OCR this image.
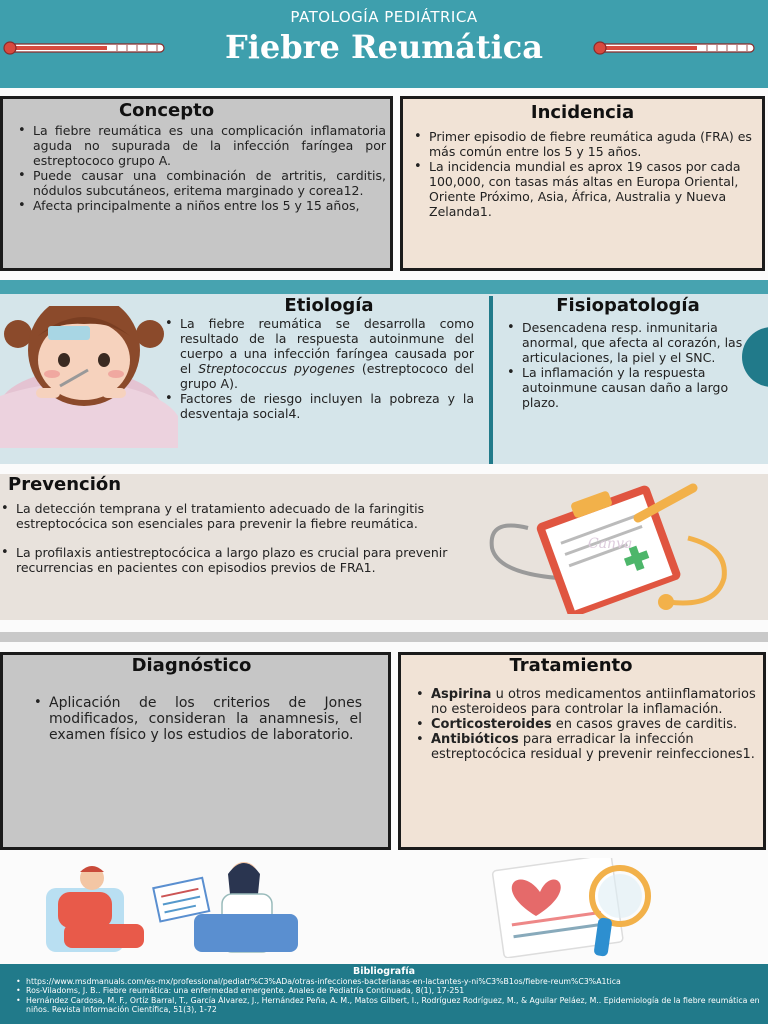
PATOLOGÍA PEDIÁTRICA
Fiebre Reumática
Concepto
• La fiebre reumática es una complicación inflamatoria aguda no supurada de la infección faríngea por estreptococo grupo A.
• Puede causar una combinación de artritis, carditis, nódulos subcutáneos, eritema marginado y corea12.
• Afecta principalmente a niños entre los 5 y 15 años,
Incidencia
• Primer episodio de fiebre reumática aguda (FRA) es más común entre los 5 y 15 años.
• La incidencia mundial es aprox 19 casos por cada 100,000, con tasas más altas en Europa Oriental, Oriente Próximo, Asia, África, Australia y Nueva Zelanda1.
Etiología
• La fiebre reumática se desarrolla como resultado de la respuesta autoinmune del cuerpo a una infección faríngea causada por el Streptococcus pyogenes (estreptococo del grupo A).
• Factores de riesgo incluyen la pobreza y la desventaja social4.
Fisiopatología
• Desencadena resp. inmunitaria anormal, que afecta al corazón, las articulaciones, la piel y el SNC.
• La inflamación y la respuesta autoinmune causan daño a largo plazo.
Prevención
• La detección temprana y el tratamiento adecuado de la faringitis estreptocócica son esenciales para prevenir la fiebre reumática.
• La profilaxis antiestreptocócica a largo plazo es crucial para prevenir recurrencias en pacientes con episodios previos de FRA1.
Canva
Diagnóstico
• Aplicación de los criterios de Jones modificados, consideran la anamnesis, el examen físico y los estudios de laboratorio.
Tratamiento
• Aspirina u otros medicamentos antiinflamatorios no esteroideos para controlar la inflamación.
• Corticosteroides en casos graves de carditis.
• Antibióticos para erradicar la infección estreptocócica residual y prevenir reinfecciones1.
Bibliografía
• https://www.msdmanuals.com/es-mx/professional/pediatr%C3%ADa/otras-infecciones-bacterianas-en-lactantes-y-ni%C3%B1os/fiebre-reum%C3%A1tica
• Ros-Viladoms, J. B.. Fiebre reumática: una enfermedad emergente. Anales de Pediatría Continuada, 8(1), 17-251
• Hernández Cardosa, M. F., Ortíz Barral, T., García Álvarez, J., Hernández Peña, A. M., Matos Gilbert, I., Rodríguez Rodríguez, M., & Aguilar Peláez, M.. Epidemiología de la fiebre reumática en niños. Revista Información Científica, 51(3), 1-72
